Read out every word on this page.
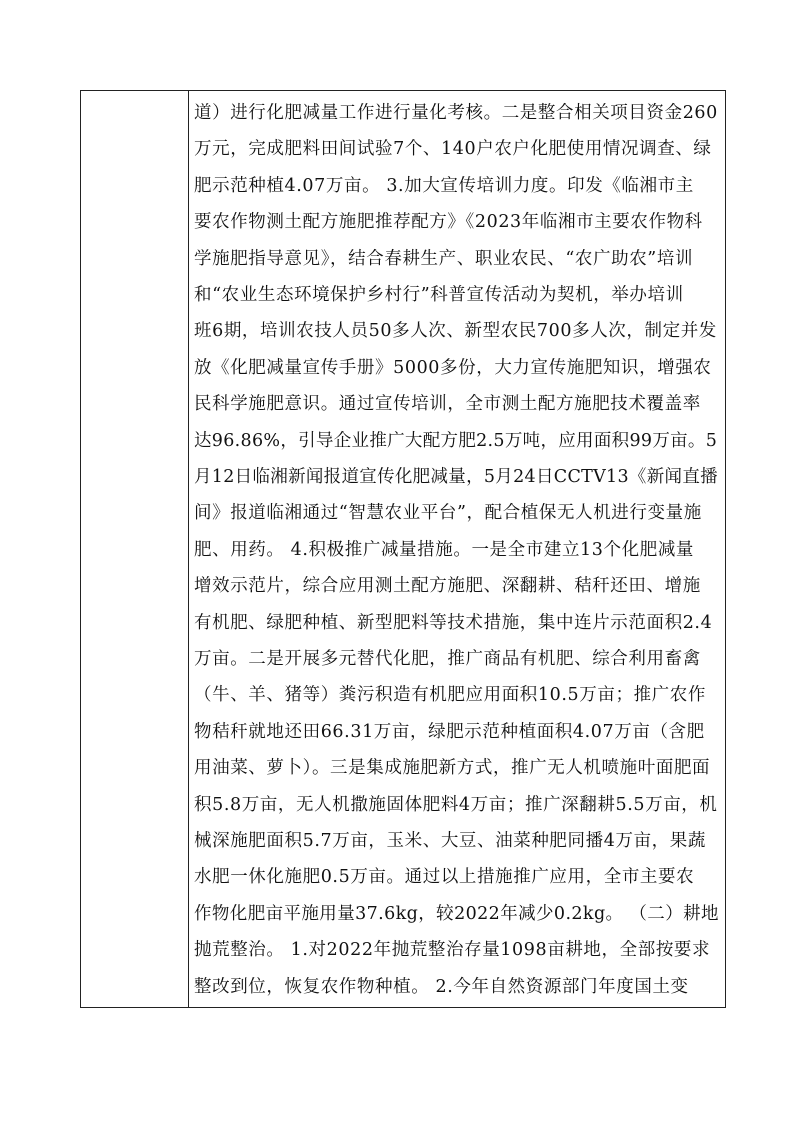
道）进行化肥减量工作进行量化考核。二是整合相关项目资金260
万元，完成肥料田间试验7个、140户农户化肥使用情况调查、绿
肥示范种植4.07万亩。 3.加大宣传培训力度。印发《临湘市主
要农作物测土配方施肥推荐配方》《2023年临湘市主要农作物科
学施肥指导意见》，结合春耕生产、职业农民、“农广助农”培训
和“农业生态环境保护乡村行”科普宣传活动为契机，举办培训
班6期，培训农技人员50多人次、新型农民700多人次，制定并发
放《化肥减量宣传手册》5000多份，大力宣传施肥知识，增强农
民科学施肥意识。通过宣传培训，全市测土配方施肥技术覆盖率
达96.86%，引导企业推广大配方肥2.5万吨，应用面积99万亩。5
月12日临湘新闻报道宣传化肥减量，5月24日CCTV13《新闻直播
间》报道临湘通过“智慧农业平台”，配合植保无人机进行变量施
肥、用药。 4.积极推广减量措施。一是全市建立13个化肥减量
增效示范片，综合应用测土配方施肥、深翻耕、秸秆还田、增施
有机肥、绿肥种植、新型肥料等技术措施，集中连片示范面积2.4
万亩。二是开展多元替代化肥，推广商品有机肥、综合利用畜禽
（牛、羊、猪等）粪污积造有机肥应用面积10.5万亩；推广农作
物秸秆就地还田66.31万亩，绿肥示范种植面积4.07万亩（含肥
用油菜、萝卜）。三是集成施肥新方式，推广无人机喷施叶面肥面
积5.8万亩，无人机撒施固体肥料4万亩；推广深翻耕5.5万亩，机
械深施肥面积5.7万亩，玉米、大豆、油菜种肥同播4万亩，果蔬
水肥一休化施肥0.5万亩。通过以上措施推广应用，全市主要农
作物化肥亩平施用量37.6kg，较2022年减少0.2kg。 （二）耕地
抛荒整治。 1.对2022年抛荒整治存量1098亩耕地，全部按要求
整改到位，恢复农作物种植。 2.今年自然资源部门年度国土变
